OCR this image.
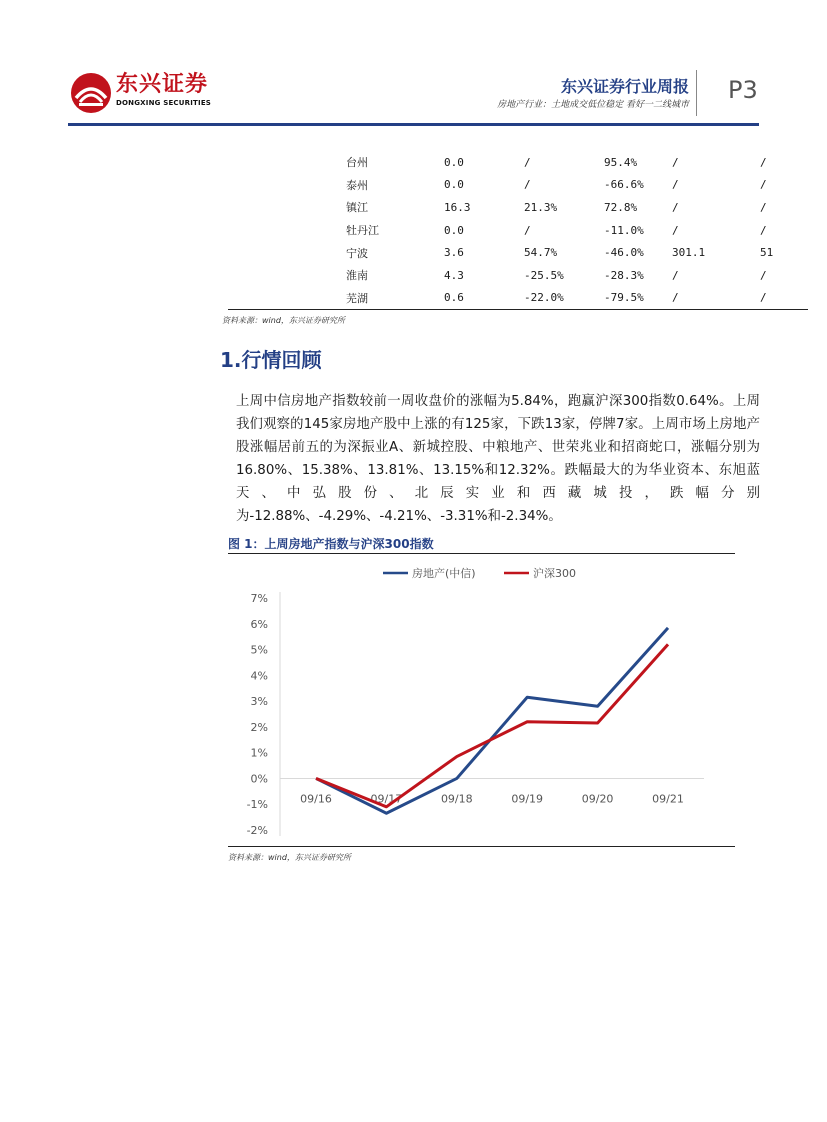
东兴证券
DONGXING SECURITIES
东兴证券行业周报
房地产行业：土地成交低位稳定 看好一二线城市
P3
台州	0.0	/	95.4%	/	/
泰州	0.0	/	-66.6%	/	/
镇江	16.3	21.3%	72.8%	/	/
牡丹江	0.0	/	-11.0%	/	/
宁波	3.6	54.7%	-46.0%	301.1	51
淮南	4.3	-25.5%	-28.3%	/	/
芜湖	0.6	-22.0%	-79.5%	/	/
资料来源：wind，东兴证券研究所
1.行情回顾
上周中信房地产指数较前一周收盘价的涨幅为5.84%，跑赢沪深300指数0.64%。上周我们观察的145家房地产股中上涨的有125家，下跌13家，停牌7家。上周市场上房地产股涨幅居前五的为深振业A、新城控股、中粮地产、世荣兆业和招商蛇口，涨幅分别为16.80%、15.38%、13.81%、13.15%和12.32%。跌幅最大的为华业资本、东旭蓝天、中弘股份、北辰实业和西藏城投，跌幅分别为-12.88%、-4.29%、-4.21%、-3.31%和-2.34%。
图 1：上周房地产指数与沪深300指数
房地产(中信)	沪深300
7%
6%
5%
4%
3%
2%
1%
0%
-1%
-2%
09/16	09/17	09/18	09/19	09/20	09/21
资料来源：wind，东兴证券研究所
